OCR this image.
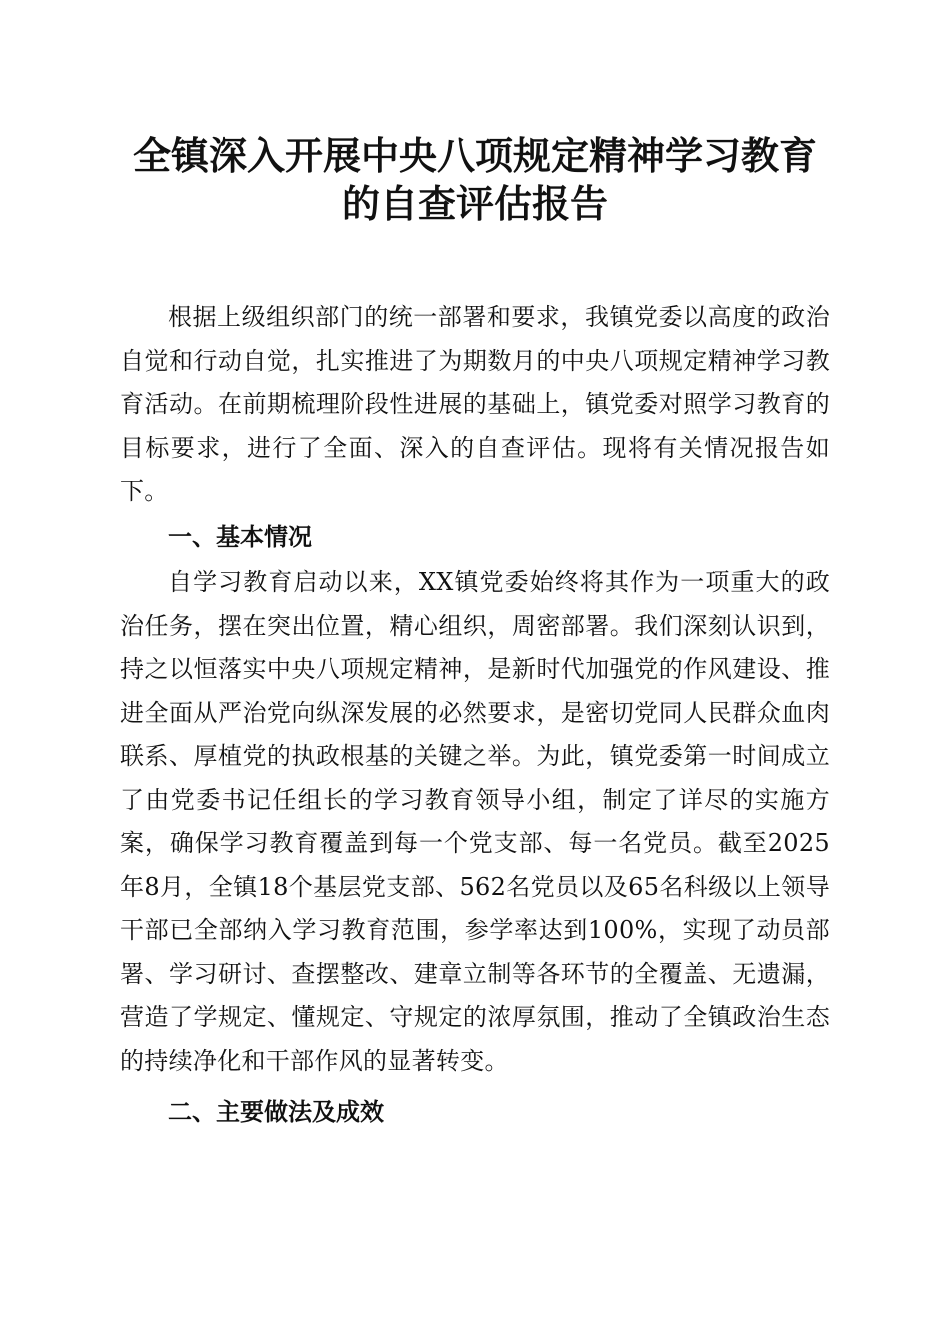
全镇深入开展中央八项规定精神学习教育的自查评估报告

根据上级组织部门的统一部署和要求，我镇党委以高度的政治自觉和行动自觉，扎实推进了为期数月的中央八项规定精神学习教育活动。在前期梳理阶段性进展的基础上，镇党委对照学习教育的目标要求，进行了全面、深入的自查评估。现将有关情况报告如下。

一、基本情况

自学习教育启动以来，XX镇党委始终将其作为一项重大的政治任务，摆在突出位置，精心组织，周密部署。我们深刻认识到，持之以恒落实中央八项规定精神，是新时代加强党的作风建设、推进全面从严治党向纵深发展的必然要求，是密切党同人民群众血肉联系、厚植党的执政根基的关键之举。为此，镇党委第一时间成立了由党委书记任组长的学习教育领导小组，制定了详尽的实施方案，确保学习教育覆盖到每一个党支部、每一名党员。截至2025年8月，全镇18个基层党支部、562名党员以及65名科级以上领导干部已全部纳入学习教育范围，参学率达到100%，实现了动员部署、学习研讨、查摆整改、建章立制等各环节的全覆盖、无遗漏，营造了学规定、懂规定、守规定的浓厚氛围，推动了全镇政治生态的持续净化和干部作风的显著转变。

二、主要做法及成效
